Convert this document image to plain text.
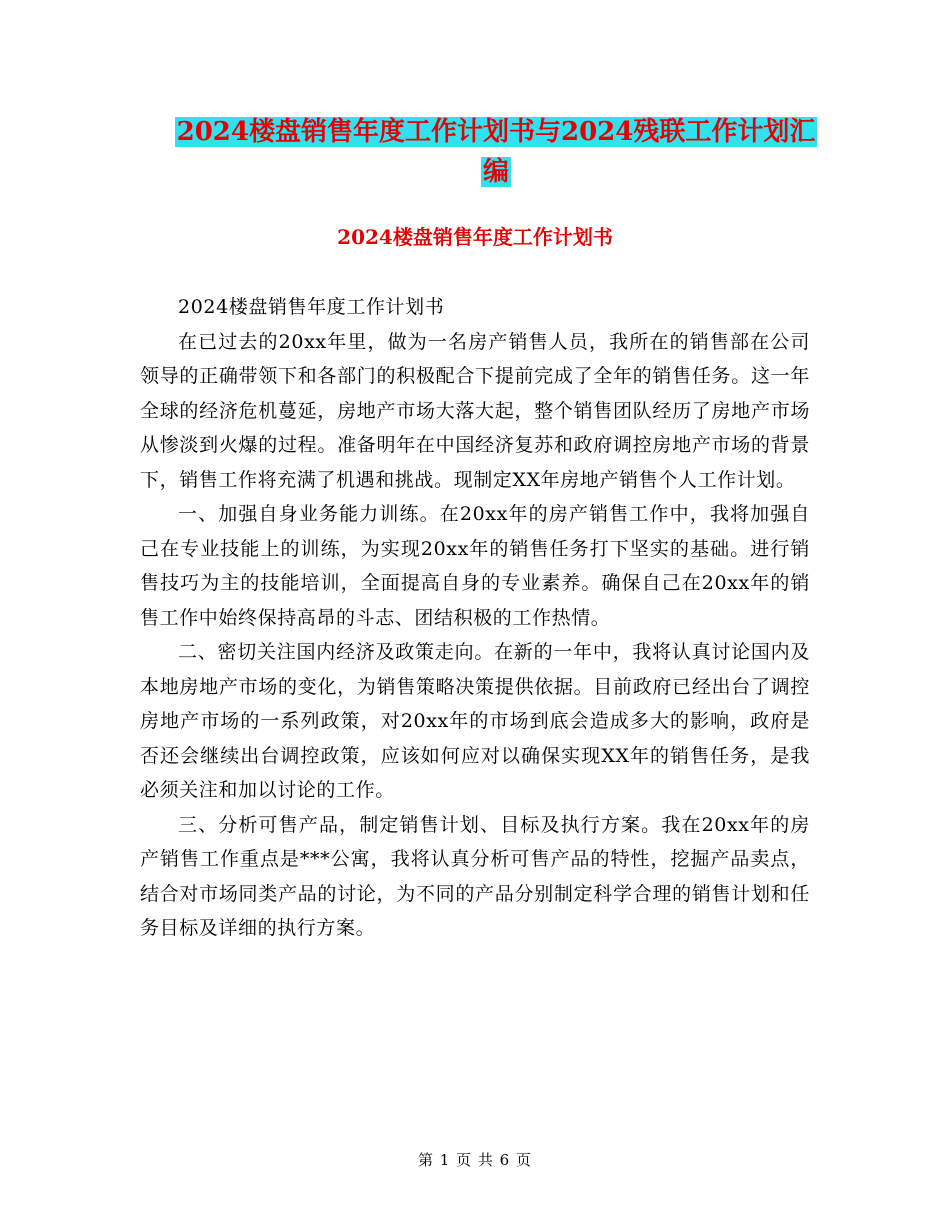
2024楼盘销售年度工作计划书与2024残联工作计划汇
编
2024楼盘销售年度工作计划书

2024楼盘销售年度工作计划书

在已过去的20xx年里，做为一名房产销售人员，我所在的销售部在公司领导的正确带领下和各部门的积极配合下提前完成了全年的销售任务。这一年全球的经济危机蔓延，房地产市场大落大起，整个销售团队经历了房地产市场从惨淡到火爆的过程。准备明年在中国经济复苏和政府调控房地产市场的背景下，销售工作将充满了机遇和挑战。现制定XX年房地产销售个人工作计划。

一、加强自身业务能力训练。在20xx年的房产销售工作中，我将加强自己在专业技能上的训练，为实现20xx年的销售任务打下坚实的基础。进行销售技巧为主的技能培训，全面提高自身的专业素养。确保自己在20xx年的销售工作中始终保持高昂的斗志、团结积极的工作热情。

二、密切关注国内经济及政策走向。在新的一年中，我将认真讨论国内及本地房地产市场的变化，为销售策略决策提供依据。目前政府已经出台了调控房地产市场的一系列政策，对20xx年的市场到底会造成多大的影响，政府是否还会继续出台调控政策，应该如何应对以确保实现XX年的销售任务，是我必须关注和加以讨论的工作。

三、分析可售产品，制定销售计划、目标及执行方案。我在20xx年的房产销售工作重点是***公寓，我将认真分析可售产品的特性，挖掘产品卖点，结合对市场同类产品的讨论，为不同的产品分别制定科学合理的销售计划和任务目标及详细的执行方案。

第 1 页 共 6 页
